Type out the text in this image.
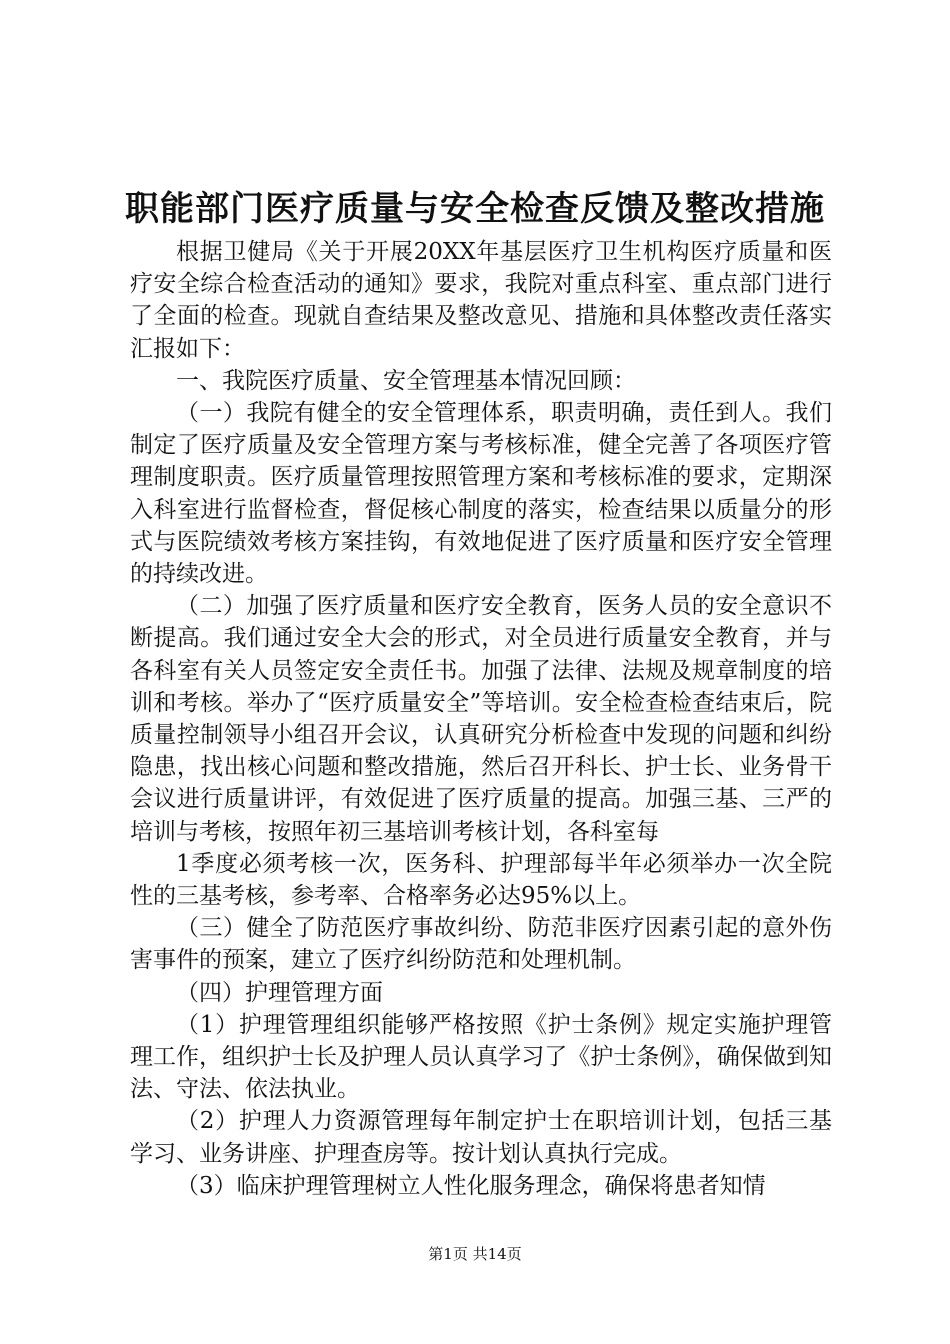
职能部门医疗质量与安全检查反馈及整改措施

根据卫健局《关于开展20XX年基层医疗卫生机构医疗质量和医疗安全综合检查活动的通知》要求，我院对重点科室、重点部门进行了全面的检查。现就自查结果及整改意见、措施和具体整改责任落实汇报如下：

一、我院医疗质量、安全管理基本情况回顾：

（一）我院有健全的安全管理体系，职责明确，责任到人。我们制定了医疗质量及安全管理方案与考核标准，健全完善了各项医疗管理制度职责。医疗质量管理按照管理方案和考核标准的要求，定期深入科室进行监督检查，督促核心制度的落实，检查结果以质量分的形式与医院绩效考核方案挂钩，有效地促进了医疗质量和医疗安全管理的持续改进。

（二）加强了医疗质量和医疗安全教育，医务人员的安全意识不断提高。我们通过安全大会的形式，对全员进行质量安全教育，并与各科室有关人员签定安全责任书。加强了法律、法规及规章制度的培训和考核。举办了“医疗质量安全”等培训。安全检查检查结束后，院质量控制领导小组召开会议，认真研究分析检查中发现的问题和纠纷隐患，找出核心问题和整改措施，然后召开科长、护士长、业务骨干会议进行质量讲评，有效促进了医疗质量的提高。加强三基、三严的培训与考核，按照年初三基培训考核计划，各科室每

1季度必须考核一次，医务科、护理部每半年必须举办一次全院性的三基考核，参考率、合格率务必达95%以上。

（三）健全了防范医疗事故纠纷、防范非医疗因素引起的意外伤害事件的预案，建立了医疗纠纷防范和处理机制。

（四）护理管理方面

（1）护理管理组织能够严格按照《护士条例》规定实施护理管理工作，组织护士长及护理人员认真学习了《护士条例》，确保做到知法、守法、依法执业。

（2）护理人力资源管理每年制定护士在职培训计划，包括三基学习、业务讲座、护理查房等。按计划认真执行完成。

（3）临床护理管理树立人性化服务理念，确保将患者知情

第1页 共14页
